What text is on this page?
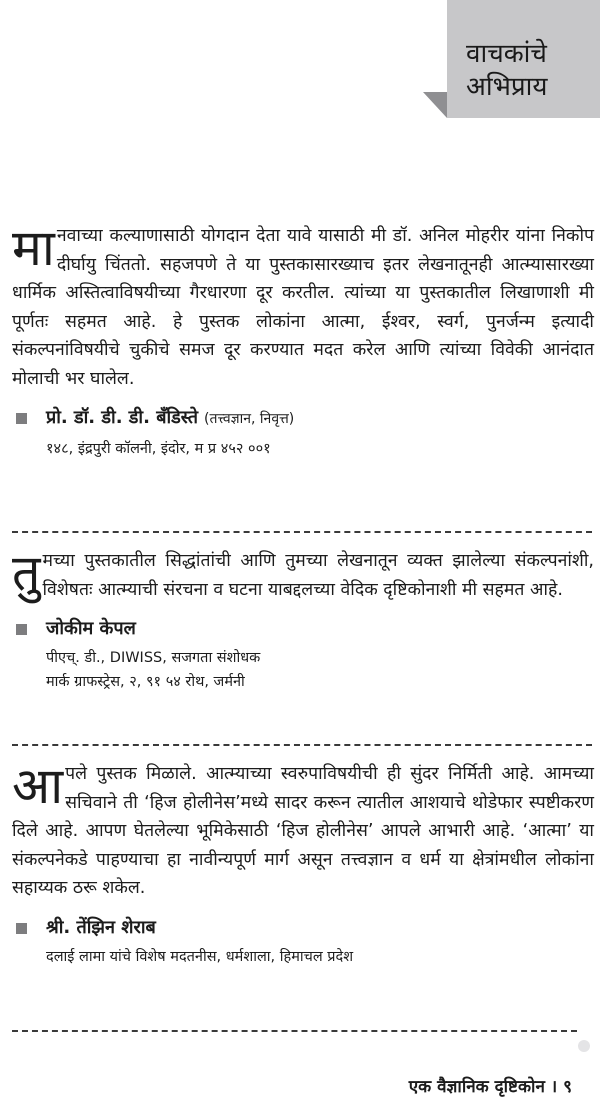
वाचकांचे
अभिप्राय

मानवाच्या कल्याणासाठी योगदान देता यावे यासाठी मी डॉ. अनिल मोहरीर यांना निकोप दीर्घायु चिंततो. सहजपणे ते या पुस्तकासारख्याच इतर लेखनातूनही आत्म्यासारख्या धार्मिक अस्तित्वाविषयीच्या गैरधारणा दूर करतील. त्यांच्या या पुस्तकातील लिखाणाशी मी पूर्णतः सहमत आहे. हे पुस्तक लोकांना आत्मा, ईश्वर, स्वर्ग, पुनर्जन्म इत्यादी संकल्पनांविषयीचे चुकीचे समज दूर करण्यात मदत करेल आणि त्यांच्या विवेकी आनंदात मोलाची भर घालेल.

प्रो. डॉ. डी. डी. बँडिस्ते (तत्त्वज्ञान, निवृत्त)
१४८, इंद्रपुरी कॉलनी, इंदोर, म प्र ४५२ ००१

तुमच्या पुस्तकातील सिद्धांतांची आणि तुमच्या लेखनातून व्यक्त झालेल्या संकल्पनांशी, विशेषतः आत्म्याची संरचना व घटना याबद्दलच्या वेदिक दृष्टिकोनाशी मी सहमत आहे.

जोकीम केपल
पीएच्. डी., DIWISS, सजगता संशोधक
मार्क ग्राफस्ट्रेस, २, ९१ ५४ रोथ, जर्मनी

आपले पुस्तक मिळाले. आत्म्याच्या स्वरुपाविषयीची ही सुंदर निर्मिती आहे. आमच्या सचिवाने ती ‘हिज होलीनेस’मध्ये सादर करून त्यातील आशयाचे थोडेफार स्पष्टीकरण दिले आहे. आपण घेतलेल्या भूमिकेसाठी ‘हिज होलीनेस’ आपले आभारी आहे. ‘आत्मा’ या संकल्पनेकडे पाहण्याचा हा नावीन्यपूर्ण मार्ग असून तत्त्वज्ञान व धर्म या क्षेत्रांमधील लोकांना सहाय्यक ठरू शकेल.

श्री. तेंझिन शेराब
दलाई लामा यांचे विशेष मदतनीस, धर्मशाला, हिमाचल प्रदेश
एक वैज्ञानिक दृष्टिकोन । ९
